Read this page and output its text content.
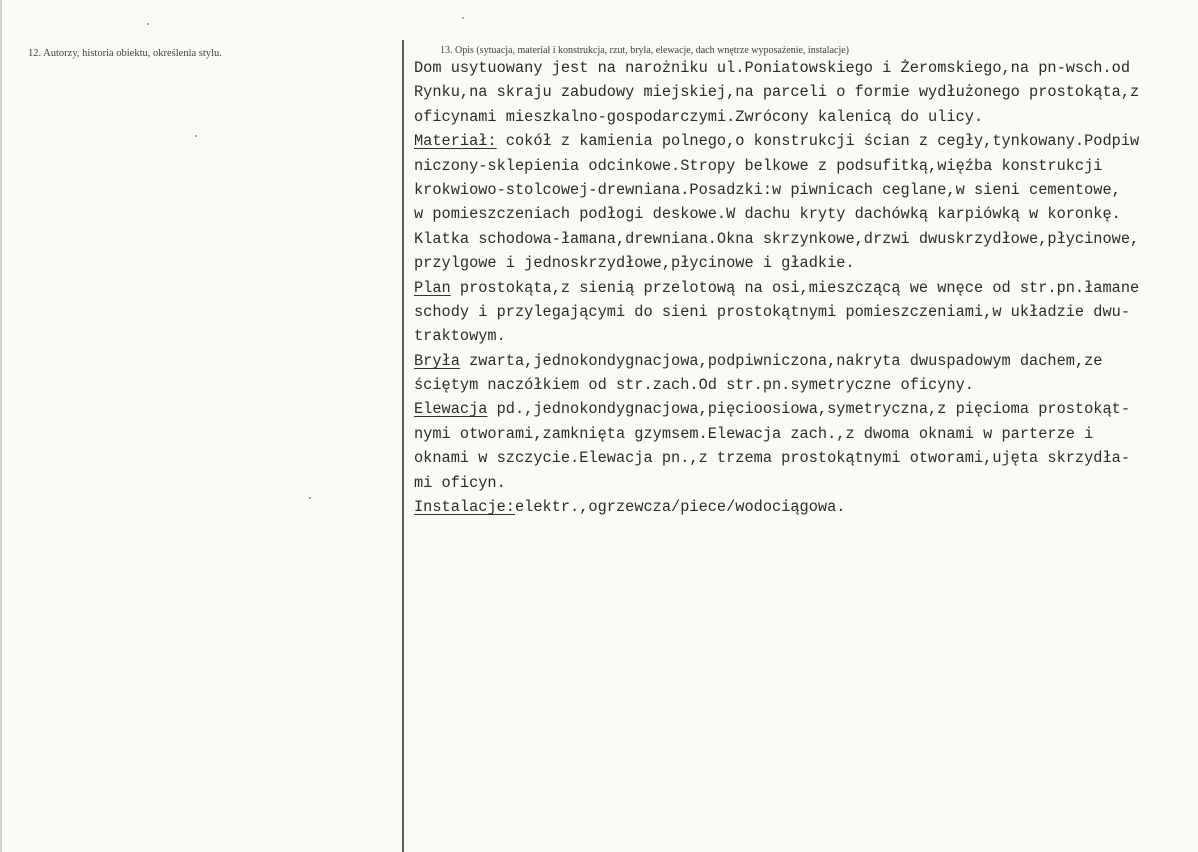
12. Autorzy, historia obiektu, określenia stylu.	13. Opis (sytuacja, materiał i konstrukcja, rzut, bryła, elewacje, dach wnętrze wyposażenie, instalacje)
Dom usytuowany jest na narożniku ul.Poniatowskiego i Żeromskiego,na pn-wsch.od
Rynku,na skraju zabudowy miejskiej,na parceli o formie wydłużonego prostokąta,z
oficynami mieszkalno-gospodarczymi.Zwrócony kalenicą do ulicy.
Materiał: cokół z kamienia polnego,o konstrukcji ścian z cegły,tynkowany.Podpiw
niczony-sklepienia odcinkowe.Stropy belkowe z podsufitką,więźba konstrukcji
krokwiowo-stolcowej-drewniana.Posadzki:w piwnicach ceglane,w sieni cementowe,
w pomieszczeniach podłogi deskowe.W dachu kryty dachówką karpiówką w koronkę.
Klatka schodowa-łamana,drewniana.Okna skrzynkowe,drzwi dwuskrzydłowe,płycinowe,
przylgowe i jednoskrzydłowe,płycinowe i gładkie.
Plan prostokąta,z sienią przelotową na osi,mieszczącą we wnęce od str.pn.łamane
schody i przylegającymi do sieni prostokątnymi pomieszczeniami,w układzie dwu-
traktowym.
Bryła zwarta,jednokondygnacjowa,podpiwniczona,nakryta dwuspadowym dachem,ze
ściętym naczółkiem od str.zach.Od str.pn.symetryczne oficyny.
Elewacja pd.,jednokondygnacjowa,pięcioosiowa,symetryczna,z pięcioma prostokąt-
nymi otworami,zamknięta gzymsem.Elewacja zach.,z dwoma oknami w parterze i
oknami w szczycie.Elewacja pn.,z trzema prostokątnymi otworami,ujęta skrzydła-
mi oficyn.
Instalacje:elektr.,ogrzewcza/piece/wodociągowa.
